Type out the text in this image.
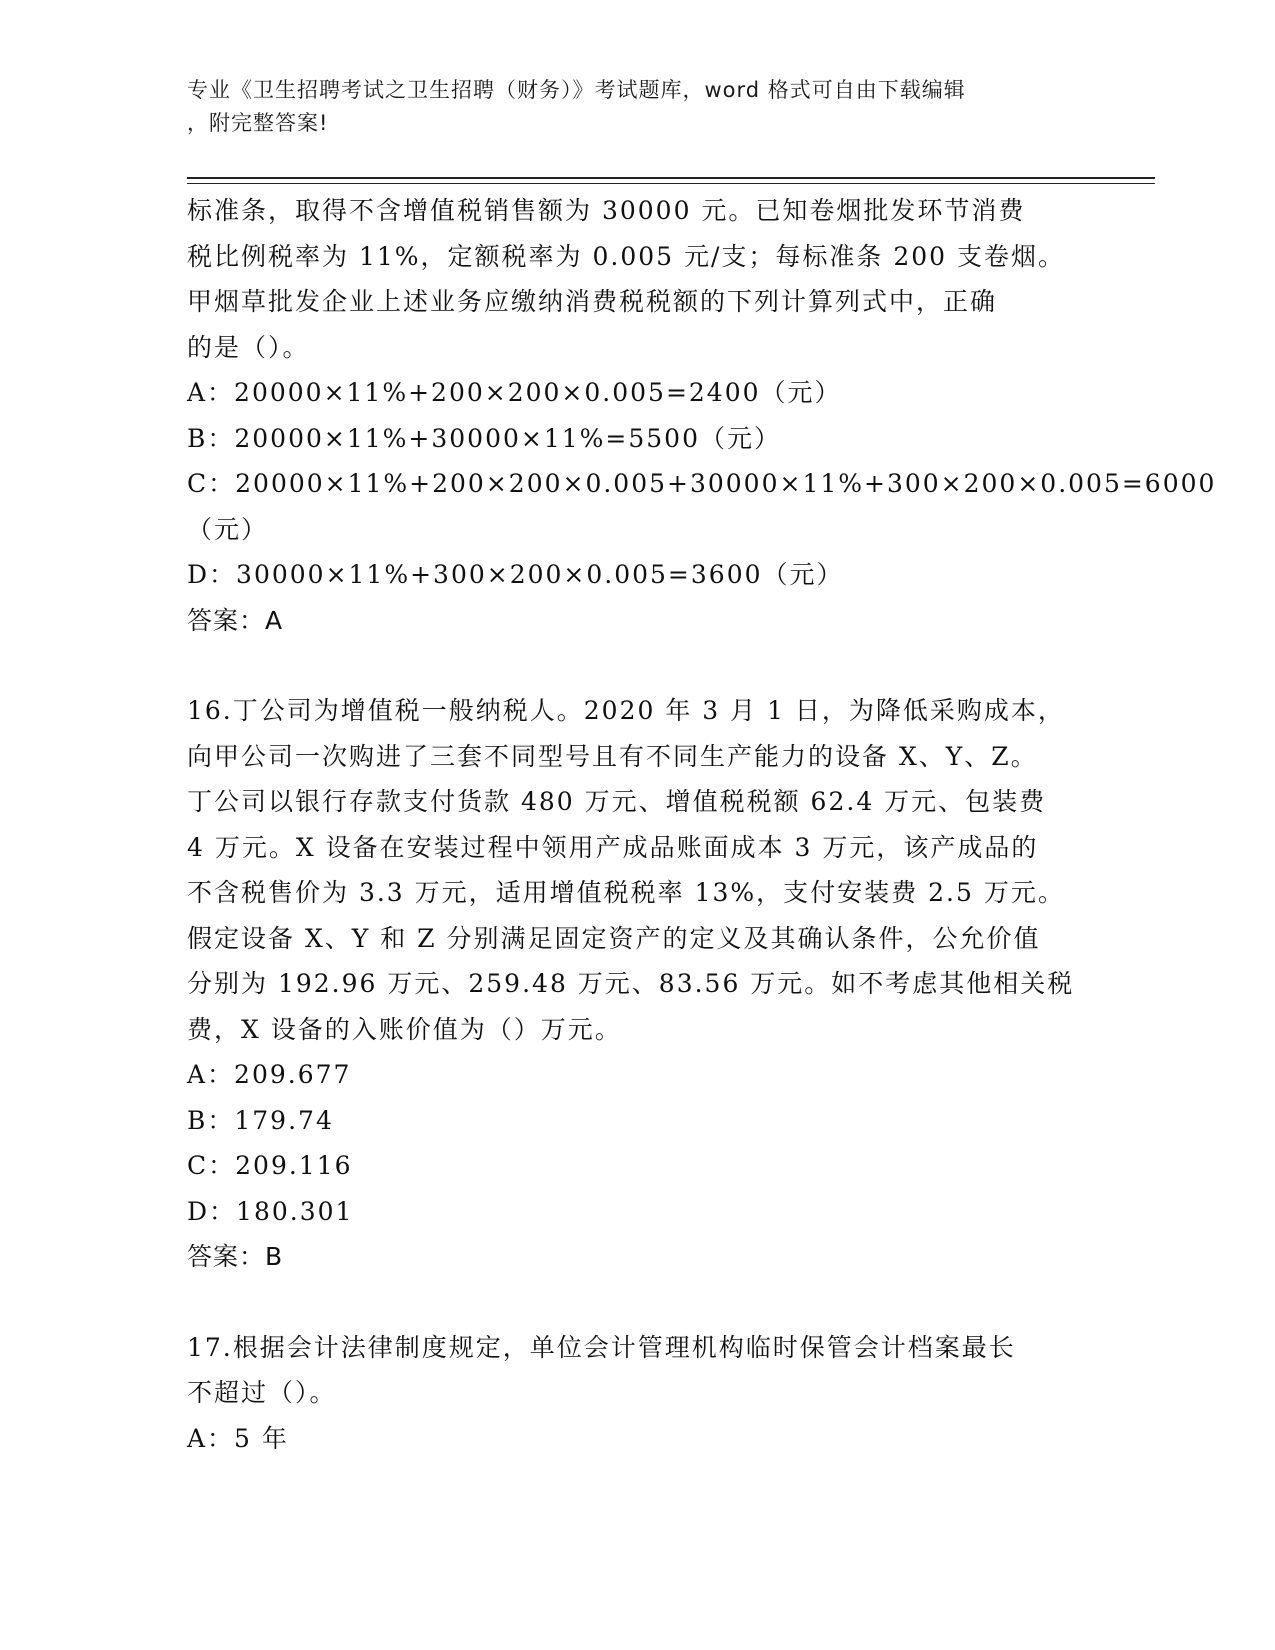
专业《卫生招聘考试之卫生招聘（财务）》考试题库，word 格式可自由下载编辑
，附完整答案!
标准条，取得不含增值税销售额为 30000 元。已知卷烟批发环节消费
税比例税率为 11%，定额税率为 0.005 元/支；每标准条 200 支卷烟。
甲烟草批发企业上述业务应缴纳消费税税额的下列计算列式中，正确
的是（）。
A：20000×11%+200×200×0.005=2400（元）
B：20000×11%+30000×11%=5500（元）
C：20000×11%+200×200×0.005+30000×11%+300×200×0.005=6000
（元）
D：30000×11%+300×200×0.005=3600（元）
答案：A
16.丁公司为增值税一般纳税人。2020 年 3 月 1 日，为降低采购成本，
向甲公司一次购进了三套不同型号且有不同生产能力的设备 X、Y、Z。
丁公司以银行存款支付货款 480 万元、增值税税额 62.4 万元、包装费
4 万元。X 设备在安装过程中领用产成品账面成本 3 万元，该产成品的
不含税售价为 3.3 万元，适用增值税税率 13%，支付安装费 2.5 万元。
假定设备 X、Y 和 Z 分别满足固定资产的定义及其确认条件，公允价值
分别为 192.96 万元、259.48 万元、83.56 万元。如不考虑其他相关税
费，X 设备的入账价值为（）万元。
A：209.677
B：179.74
C：209.116
D：180.301
答案：B
17.根据会计法律制度规定，单位会计管理机构临时保管会计档案最长
不超过（）。
A：5 年
